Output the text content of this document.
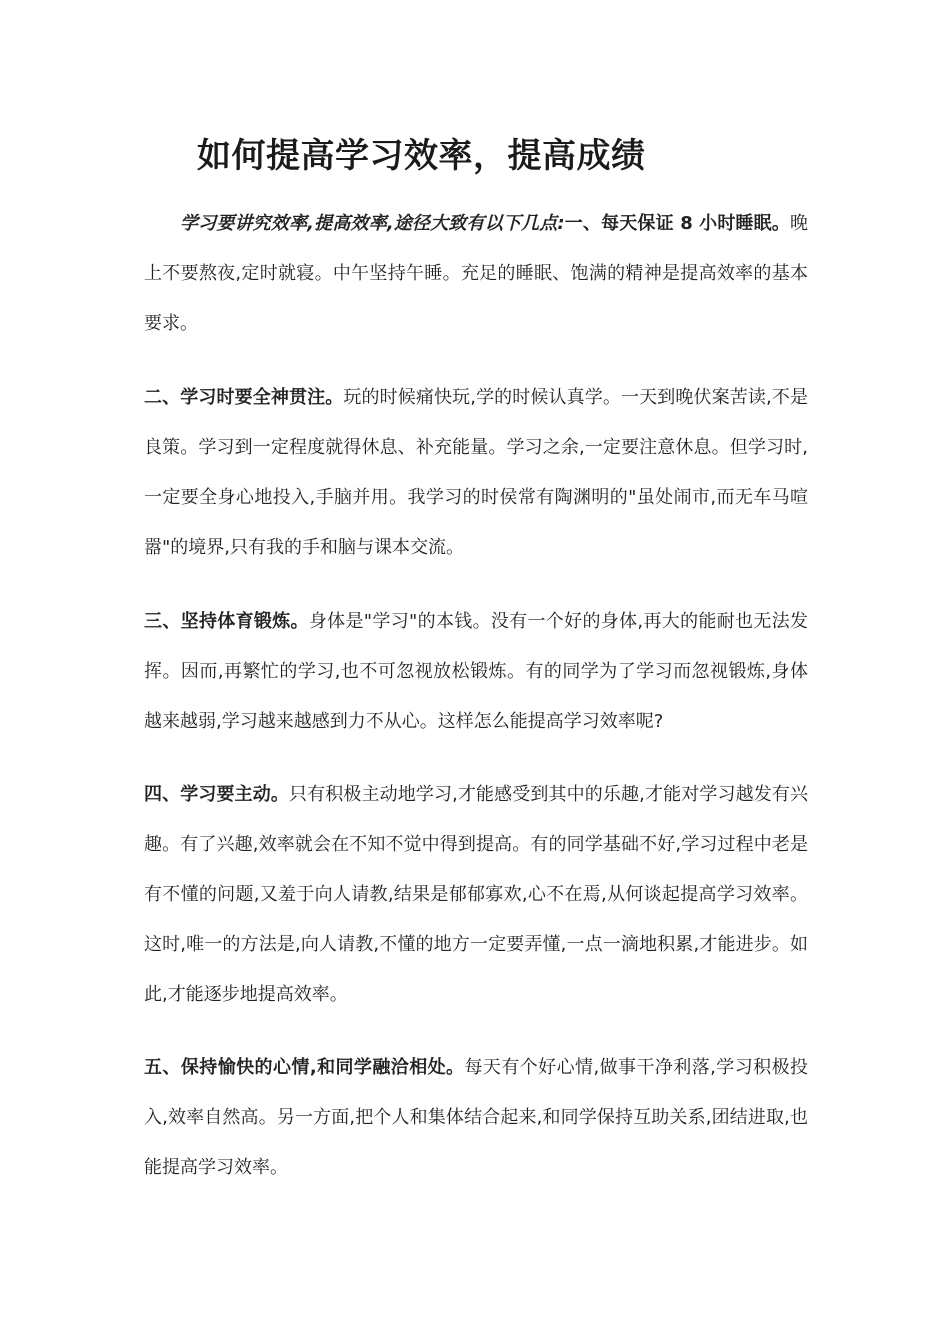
如何提高学习效率，提高成绩

学习要讲究效率,提高效率,途径大致有以下几点:一、每天保证 8 小时睡眠。晚上不要熬夜,定时就寝。中午坚持午睡。充足的睡眠、饱满的精神是提高效率的基本要求。

二、学习时要全神贯注。玩的时候痛快玩,学的时候认真学。一天到晚伏案苦读,不是良策。学习到一定程度就得休息、补充能量。学习之余,一定要注意休息。但学习时,一定要全身心地投入,手脑并用。我学习的时侯常有陶渊明的"虽处闹市,而无车马喧嚣"的境界,只有我的手和脑与课本交流。

三、坚持体育锻炼。身体是"学习"的本钱。没有一个好的身体,再大的能耐也无法发挥。因而,再繁忙的学习,也不可忽视放松锻炼。有的同学为了学习而忽视锻炼,身体越来越弱,学习越来越感到力不从心。这样怎么能提高学习效率呢?

四、学习要主动。只有积极主动地学习,才能感受到其中的乐趣,才能对学习越发有兴趣。有了兴趣,效率就会在不知不觉中得到提高。有的同学基础不好,学习过程中老是有不懂的问题,又羞于向人请教,结果是郁郁寡欢,心不在焉,从何谈起提高学习效率。这时,唯一的方法是,向人请教,不懂的地方一定要弄懂,一点一滴地积累,才能进步。如此,才能逐步地提高效率。

五、保持愉快的心情,和同学融洽相处。每天有个好心情,做事干净利落,学习积极投入,效率自然高。另一方面,把个人和集体结合起来,和同学保持互助关系,团结进取,也能提高学习效率。
